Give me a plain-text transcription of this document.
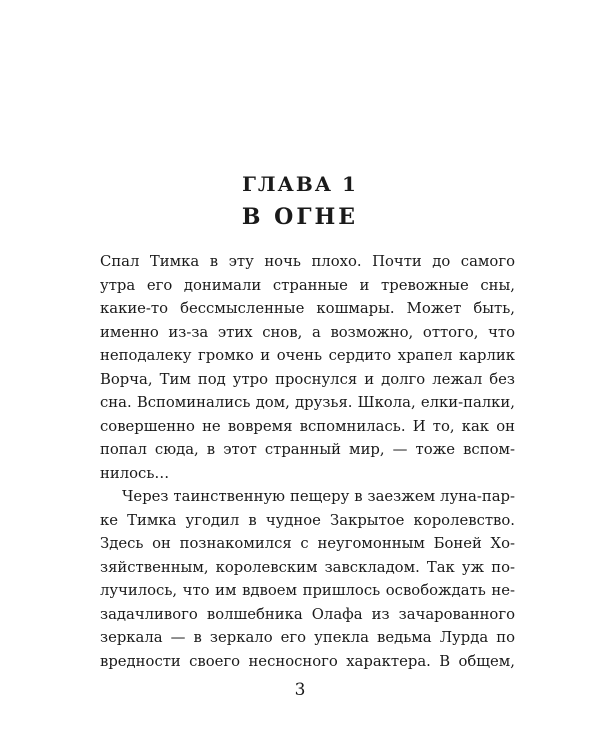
ГЛАВА 1
В ОГНЕ
Спал Тимка в эту ночь плохо. Почти до самого
утра его донимали странные и тревожные сны,
какие-то бессмысленные кошмары. Может быть,
именно из-за этих снов, а возможно, оттого, что
неподалеку громко и очень сердито храпел карлик
Ворча, Тим под утро проснулся и долго лежал без
сна. Вспоминались дом, друзья. Школа, елки-палки,
совершенно не вовремя вспомнилась. И то, как он
попал сюда, в этот странный мир, — тоже вспом-
нилось…
Через таинственную пещеру в заезжем луна-пар-
ке Тимка угодил в чудное Закрытое королевство.
Здесь он познакомился с неугомонным Боней Хо-
зяйственным, королевским завскладом. Так уж по-
лучилось, что им вдвоем пришлось освобождать не-
задачливого волшебника Олафа из зачарованного
зеркала — в зеркало его упекла ведьма Лурда по
вредности своего несносного характера. В общем,
3
